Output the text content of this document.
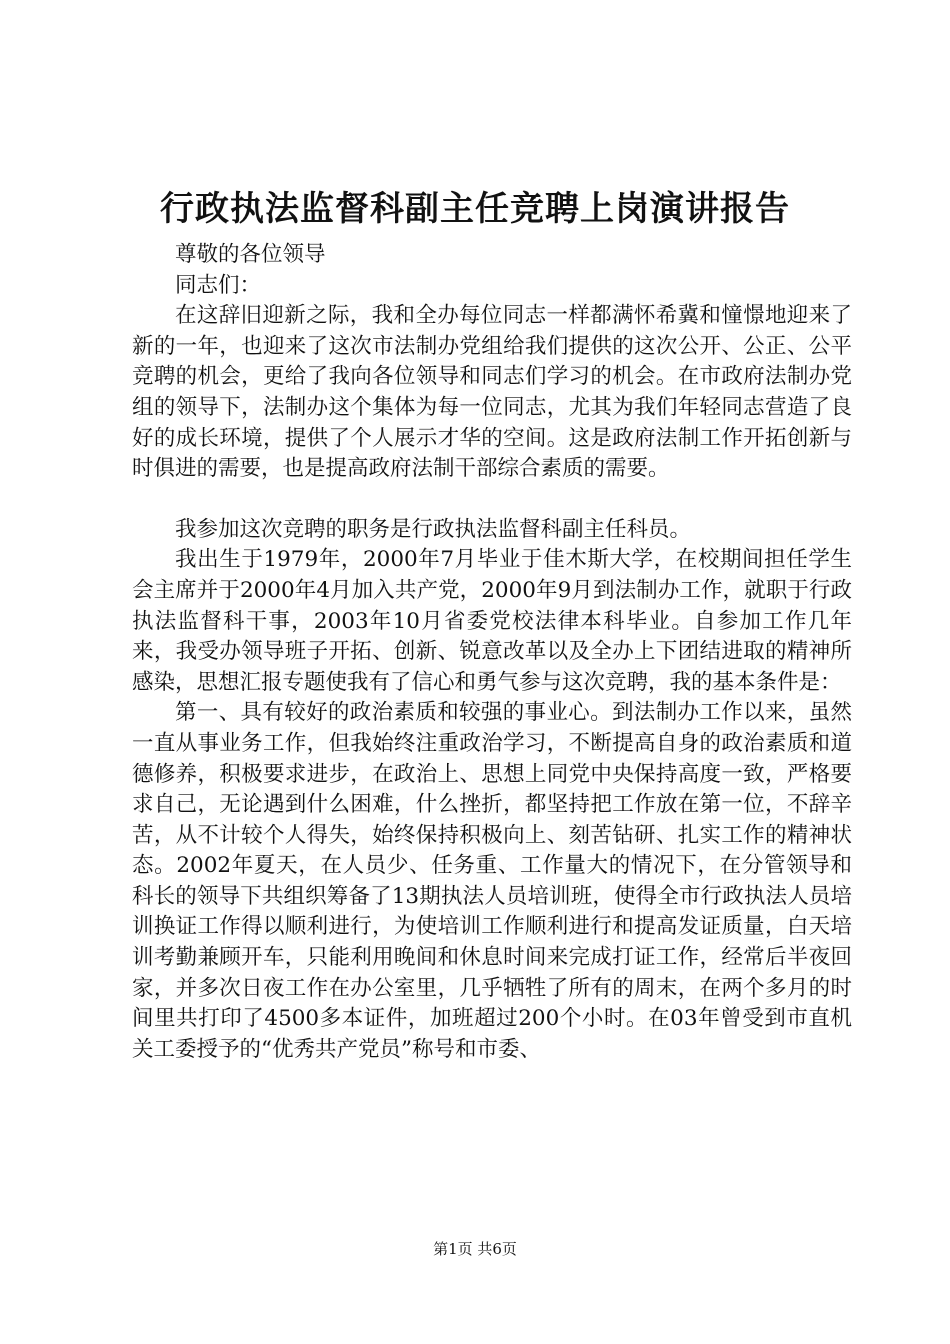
行政执法监督科副主任竞聘上岗演讲报告

尊敬的各位领导

同志们：

在这辞旧迎新之际，我和全办每位同志一样都满怀希冀和憧憬地迎来了新的一年，也迎来了这次市法制办党组给我们提供的这次公开、公正、公平竞聘的机会，更给了我向各位领导和同志们学习的机会。在市政府法制办党组的领导下，法制办这个集体为每一位同志，尤其为我们年轻同志营造了良好的成长环境，提供了个人展示才华的空间。这是政府法制工作开拓创新与时俱进的需要，也是提高政府法制干部综合素质的需要。

我参加这次竞聘的职务是行政执法监督科副主任科员。

我出生于1979年，2000年7月毕业于佳木斯大学，在校期间担任学生会主席并于2000年4月加入共产党，2000年9月到法制办工作，就职于行政执法监督科干事，2003年10月省委党校法律本科毕业。自参加工作几年来，我受办领导班子开拓、创新、锐意改革以及全办上下团结进取的精神所感染，思想汇报专题使我有了信心和勇气参与这次竞聘，我的基本条件是：

第一、具有较好的政治素质和较强的事业心。到法制办工作以来，虽然一直从事业务工作，但我始终注重政治学习，不断提高自身的政治素质和道德修养，积极要求进步，在政治上、思想上同党中央保持高度一致，严格要求自己，无论遇到什么困难，什么挫折，都坚持把工作放在第一位，不辞辛苦，从不计较个人得失，始终保持积极向上、刻苦钻研、扎实工作的精神状态。2002年夏天，在人员少、任务重、工作量大的情况下，在分管领导和科长的领导下共组织筹备了13期执法人员培训班，使得全市行政执法人员培训换证工作得以顺利进行，为使培训工作顺利进行和提高发证质量，白天培训考勤兼顾开车，只能利用晚间和休息时间来完成打证工作，经常后半夜回家，并多次日夜工作在办公室里，几乎牺牲了所有的周末，在两个多月的时间里共打印了4500多本证件，加班超过200个小时。在03年曾受到市直机关工委授予的“优秀共产党员”称号和市委、

第1页 共6页
